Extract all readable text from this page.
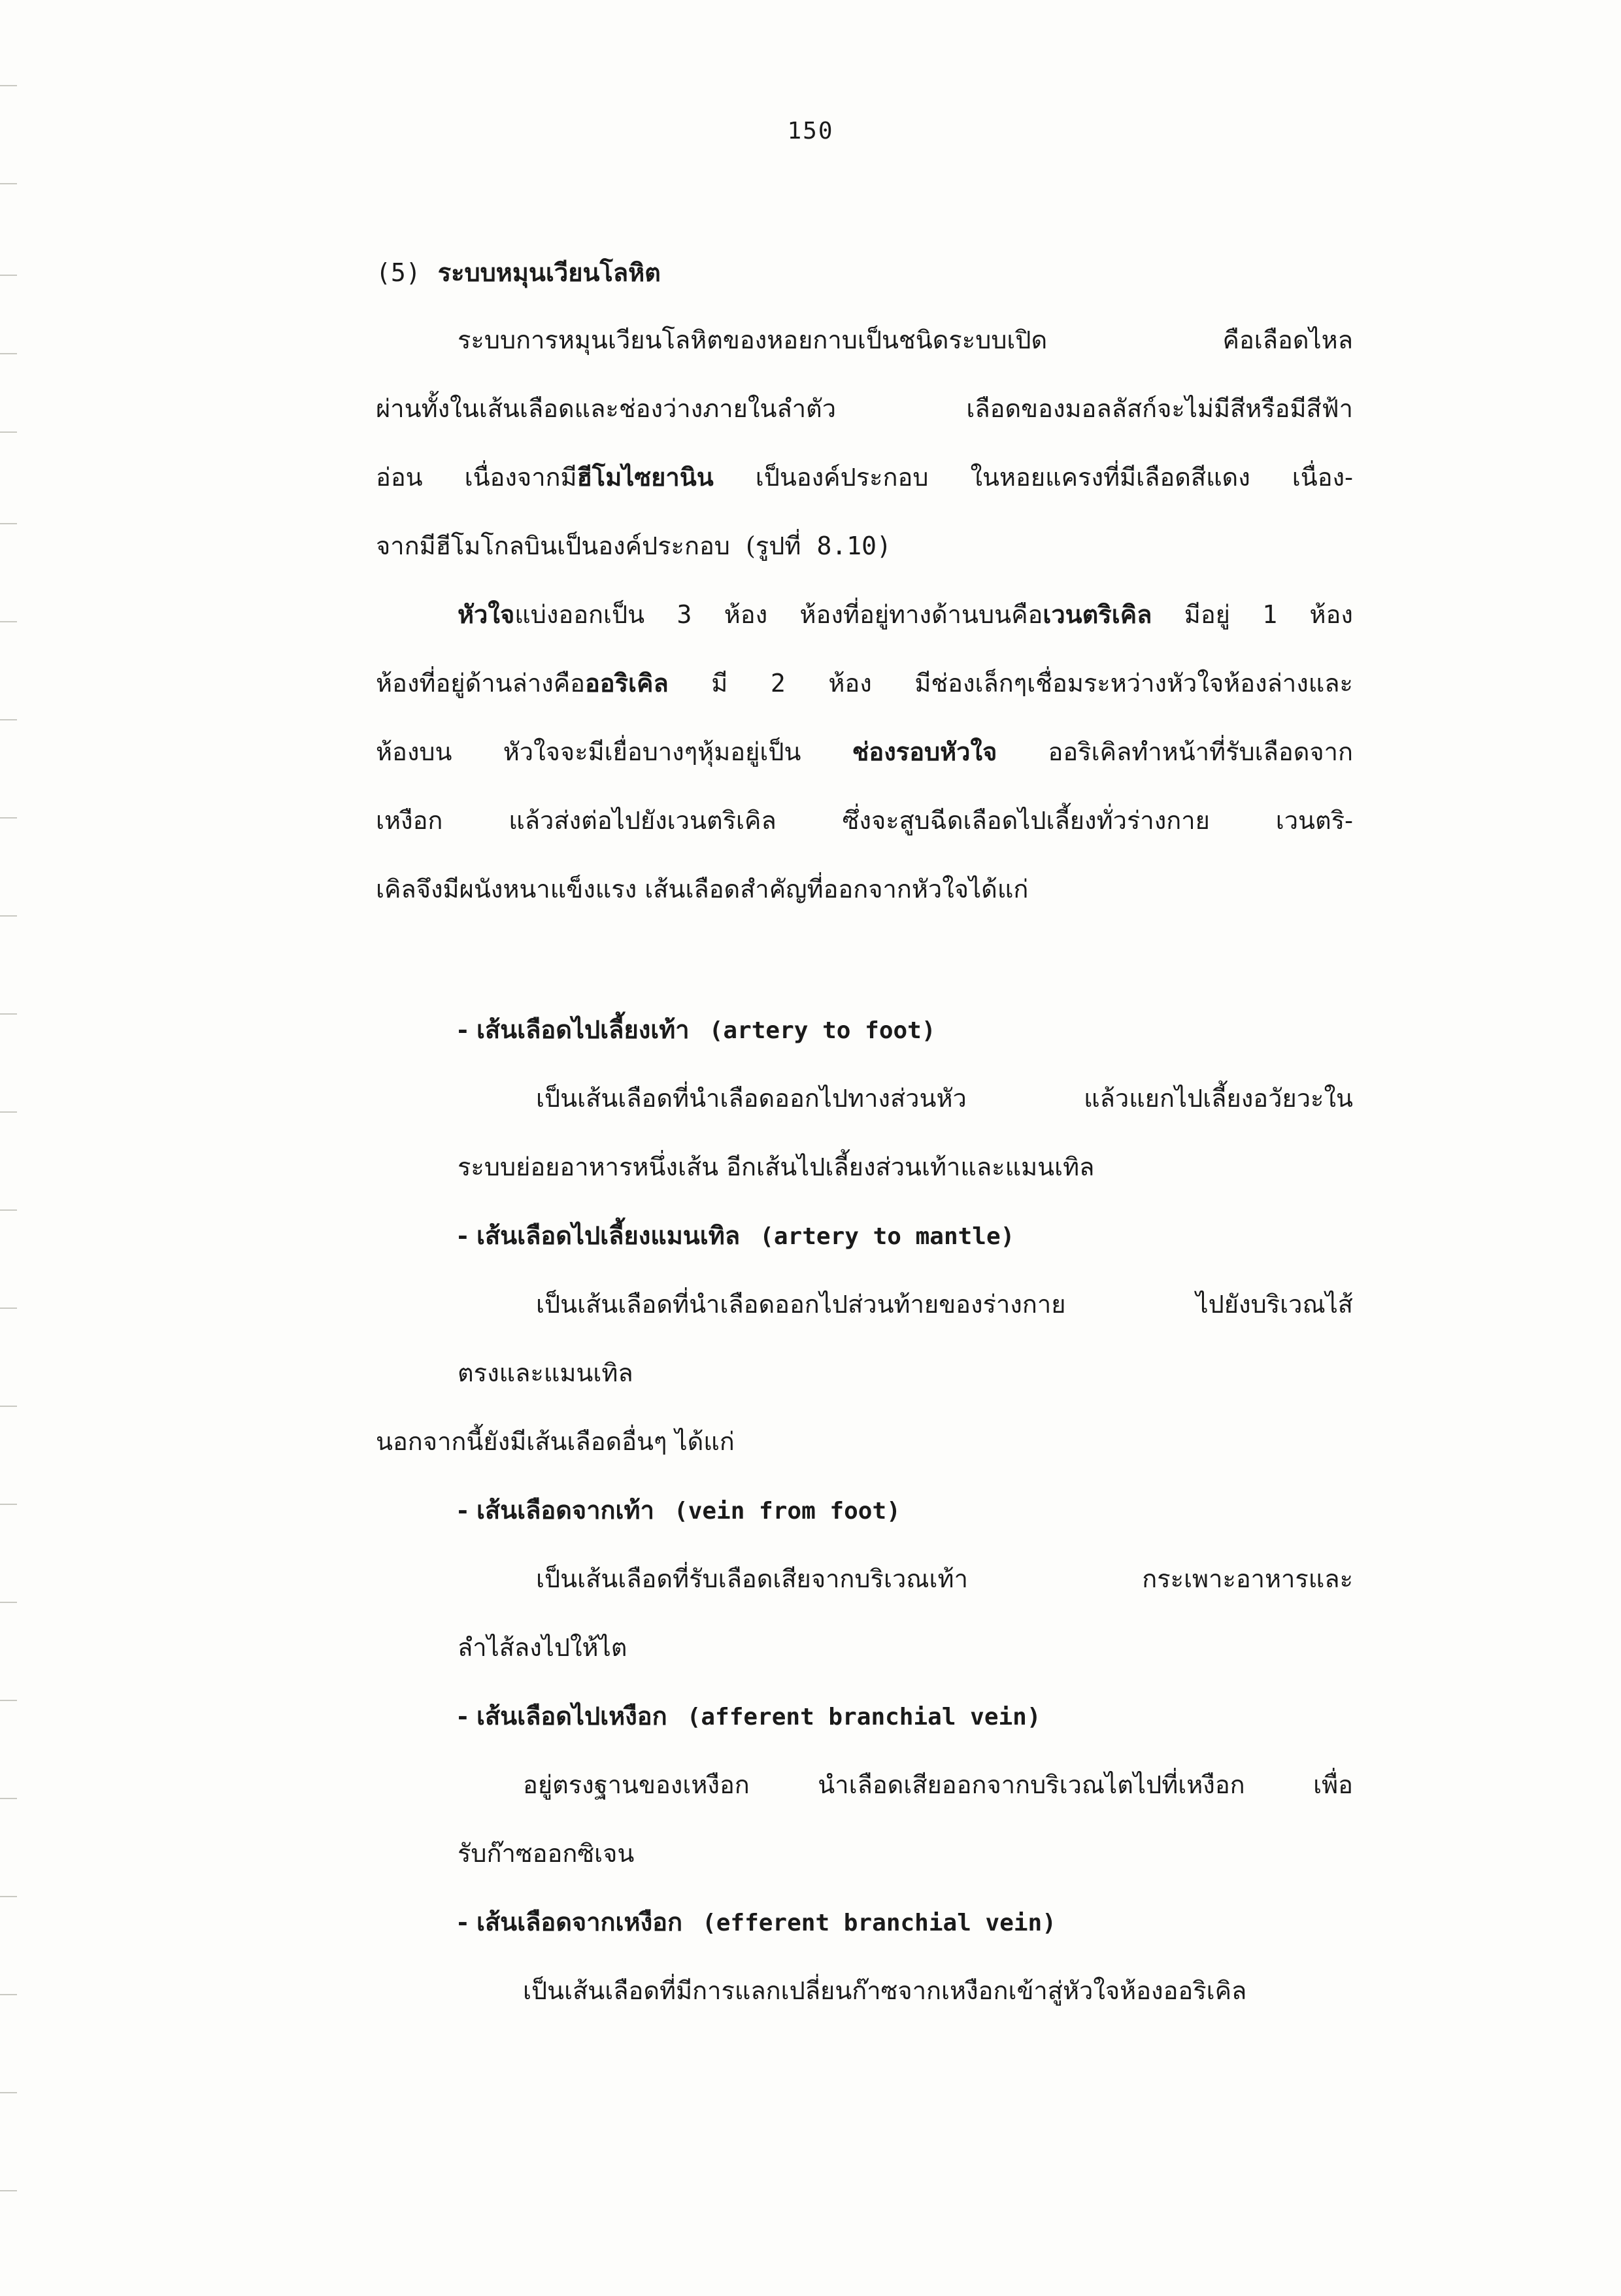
150
(5) ระบบหมุนเวียนโลหิต
ระบบการหมุนเวียนโลหิตของหอยกาบเป็นชนิดระบบเปิด	คือเลือดไหล
ผ่านทั้งในเส้นเลือดและช่องว่างภายในลำตัว	เลือดของมอลลัสก์จะไม่มีสีหรือมีสีฟ้า
อ่อน เนื่องจากมีฮีโมไซยานิน เป็นองค์ประกอบ ในหอยแครงที่มีเลือดสีแดง เนื่อง-
จากมีฮีโมโกลบินเป็นองค์ประกอบ (รูปที่ 8.10)
หัวใจแบ่งออกเป็น 3 ห้อง ห้องที่อยู่ทางด้านบนคือเวนตริเคิล มีอยู่ 1 ห้อง
ห้องที่อยู่ด้านล่างคือออริเคิล มี 2 ห้อง มีช่องเล็กๆเชื่อมระหว่างหัวใจห้องล่างและ
ห้องบน หัวใจจะมีเยื่อบางๆหุ้มอยู่เป็น ช่องรอบหัวใจ ออริเคิลทำหน้าที่รับเลือดจาก
เหงือก	แล้วส่งต่อไปยังเวนตริเคิล	ซึ่งจะสูบฉีดเลือดไปเลี้ยงทั่วร่างกาย	เวนตริ-
เคิลจึงมีผนังหนาแข็งแรง เส้นเลือดสำคัญที่ออกจากหัวใจได้แก่
- เส้นเลือดไปเลี้ยงเท้า (artery to foot)
เป็นเส้นเลือดที่นำเลือดออกไปทางส่วนหัว	แล้วแยกไปเลี้ยงอวัยวะใน
ระบบย่อยอาหารหนึ่งเส้น อีกเส้นไปเลี้ยงส่วนเท้าและแมนเทิล
- เส้นเลือดไปเลี้ยงแมนเทิล (artery to mantle)
เป็นเส้นเลือดที่นำเลือดออกไปส่วนท้ายของร่างกาย	ไปยังบริเวณไส้
ตรงและแมนเทิล
นอกจากนี้ยังมีเส้นเลือดอื่นๆ ได้แก่
- เส้นเลือดจากเท้า (vein from foot)
เป็นเส้นเลือดที่รับเลือดเสียจากบริเวณเท้า	กระเพาะอาหารและ
ลำไส้ลงไปให้ไต
- เส้นเลือดไปเหงือก (afferent branchial vein)
อยู่ตรงฐานของเหงือก	นำเลือดเสียออกจากบริเวณไตไปที่เหงือก	เพื่อ
รับก๊าซออกซิเจน
- เส้นเลือดจากเหงือก (efferent branchial vein)
เป็นเส้นเลือดที่มีการแลกเปลี่ยนก๊าซจากเหงือกเข้าสู่หัวใจห้องออริเคิล
